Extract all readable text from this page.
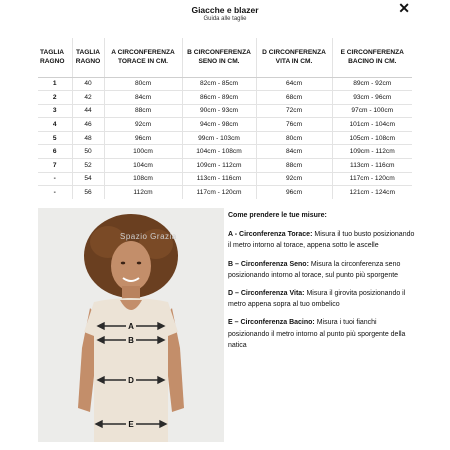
Giacche e blazer
Guida alle taglie
✕
TAGLIA RAGNO	TAGLIA RAGNO	A CIRCONFERENZA TORACE IN CM.	B CIRCONFERENZA SENO IN CM.	D CIRCONFERENZA VITA IN CM.	E CIRCONFERENZA BACINO IN CM.
1	40	80cm	82cm - 85cm	64cm	89cm - 92cm
2	42	84cm	86cm - 89cm	68cm	93cm - 96cm
3	44	88cm	90cm - 93cm	72cm	97cm - 100cm
4	46	92cm	94cm - 98cm	76cm	101cm - 104cm
5	48	96cm	99cm - 103cm	80cm	105cm - 108cm
6	50	100cm	104cm - 108cm	84cm	109cm - 112cm
7	52	104cm	109cm - 112cm	88cm	113cm - 116cm
-	54	108cm	113cm - 116cm	92cm	117cm - 120cm
-	56	112cm	117cm - 120cm	96cm	121cm - 124cm
A
B
D
E
Spazio Grazia
Come prendere le tue misure:

A - Circonferenza Torace: Misura il tuo busto posizionando il metro intorno al torace, appena sotto le ascelle

B – Circonferenza Seno: Misura la circonferenza seno posizionando intorno al torace, sul punto più sporgente

D – Circonferenza Vita: Misura il girovita posizionando il metro appena sopra al tuo ombelico

E – Circonferenza Bacino: Misura i tuoi fianchi posizionando il metro intorno al punto più sporgente della natica
